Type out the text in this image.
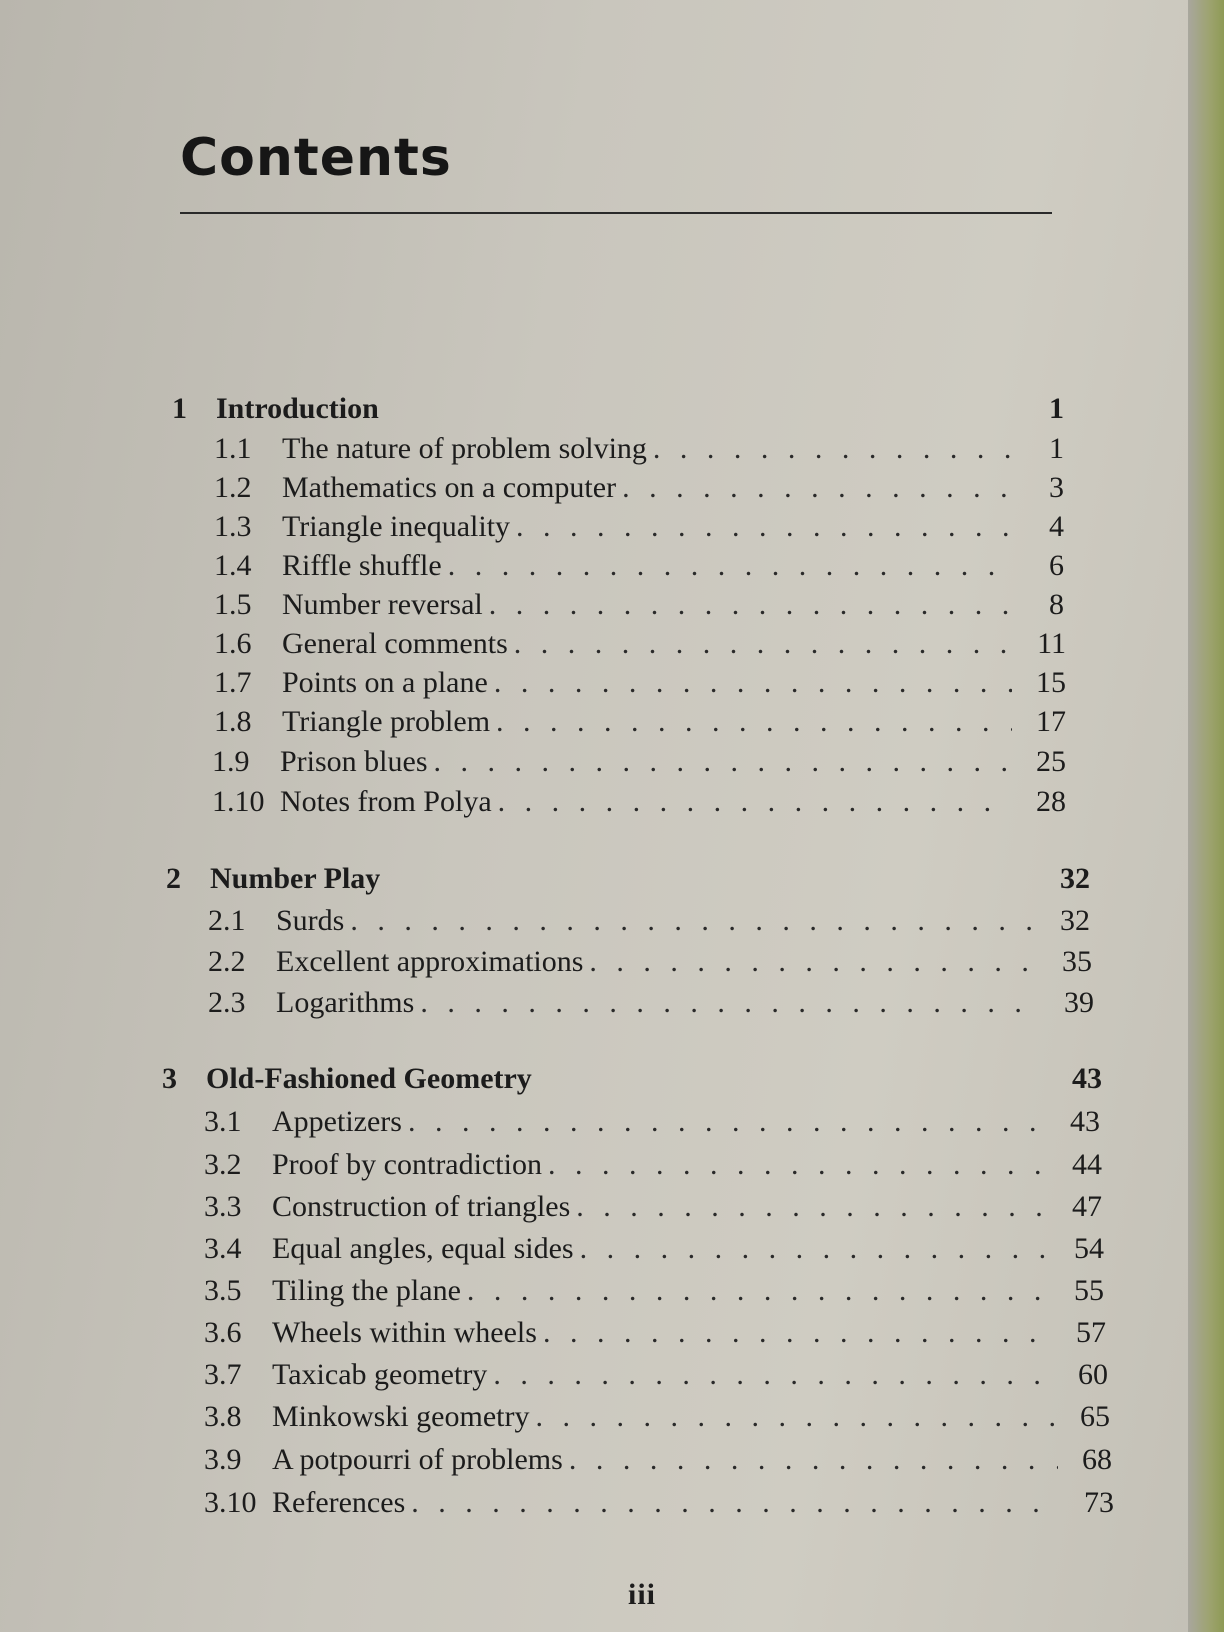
Contents
1 Introduction	1
1.1	The nature of problem solving . . .	1
1.2	Mathematics on a computer . . .	3
1.3	Triangle inequality . . .	4
1.4	Riffle shuffle . . .	6
1.5	Number reversal . . .	8
1.6	General comments . . .	11
1.7	Points on a plane . . .	15
1.8	Triangle problem . . .	17
1.9	Prison blues . . .	25
1.10 Notes from Polya . . .	28
2 Number Play	32
2.1	Surds . . .	32
2.2	Excellent approximations . . .	35
2.3	Logarithms . . .	39
3 Old-Fashioned Geometry	43
3.1	Appetizers . . .	43
3.2	Proof by contradiction . . .	44
3.3	Construction of triangles . . .	47
3.4	Equal angles, equal sides . . .	54
3.5	Tiling the plane . . .	55
3.6	Wheels within wheels . . .	57
3.7	Taxicab geometry . . .	60
3.8	Minkowski geometry . . .	65
3.9	A potpourri of problems . . .	68
3.10 References . . .	73
iii
